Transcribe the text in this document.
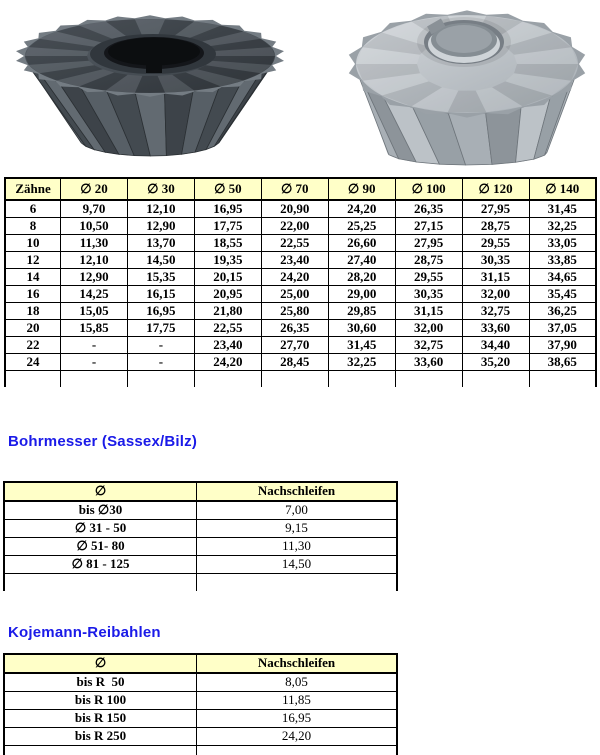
Zähne	∅ 20	∅ 30	∅ 50	∅ 70	∅ 90	∅ 100	∅ 120	∅ 140
6	9,70	12,10	16,95	20,90	24,20	26,35	27,95	31,45
8	10,50	12,90	17,75	22,00	25,25	27,15	28,75	32,25
10	11,30	13,70	18,55	22,55	26,60	27,95	29,55	33,05
12	12,10	14,50	19,35	23,40	27,40	28,75	30,35	33,85
14	12,90	15,35	20,15	24,20	28,20	29,55	31,15	34,65
16	14,25	16,15	20,95	25,00	29,00	30,35	32,00	35,45
18	15,05	16,95	21,80	25,80	29,85	31,15	32,75	36,25
20	15,85	17,75	22,55	26,35	30,60	32,00	33,60	37,05
22	-	-	23,40	27,70	31,45	32,75	34,40	37,90
24	-	-	24,20	28,45	32,25	33,60	35,20	38,65

Bohrmesser (Sassex/Bilz)
∅	Nachschleifen
bis ∅30	7,00
∅ 31 - 50	9,15
∅ 51- 80	11,30
∅ 81 - 125	14,50

Kojemann-Reibahlen
∅	Nachschleifen
bis R  50	8,05
bis R 100	11,85
bis R 150	16,95
bis R 250	24,20
